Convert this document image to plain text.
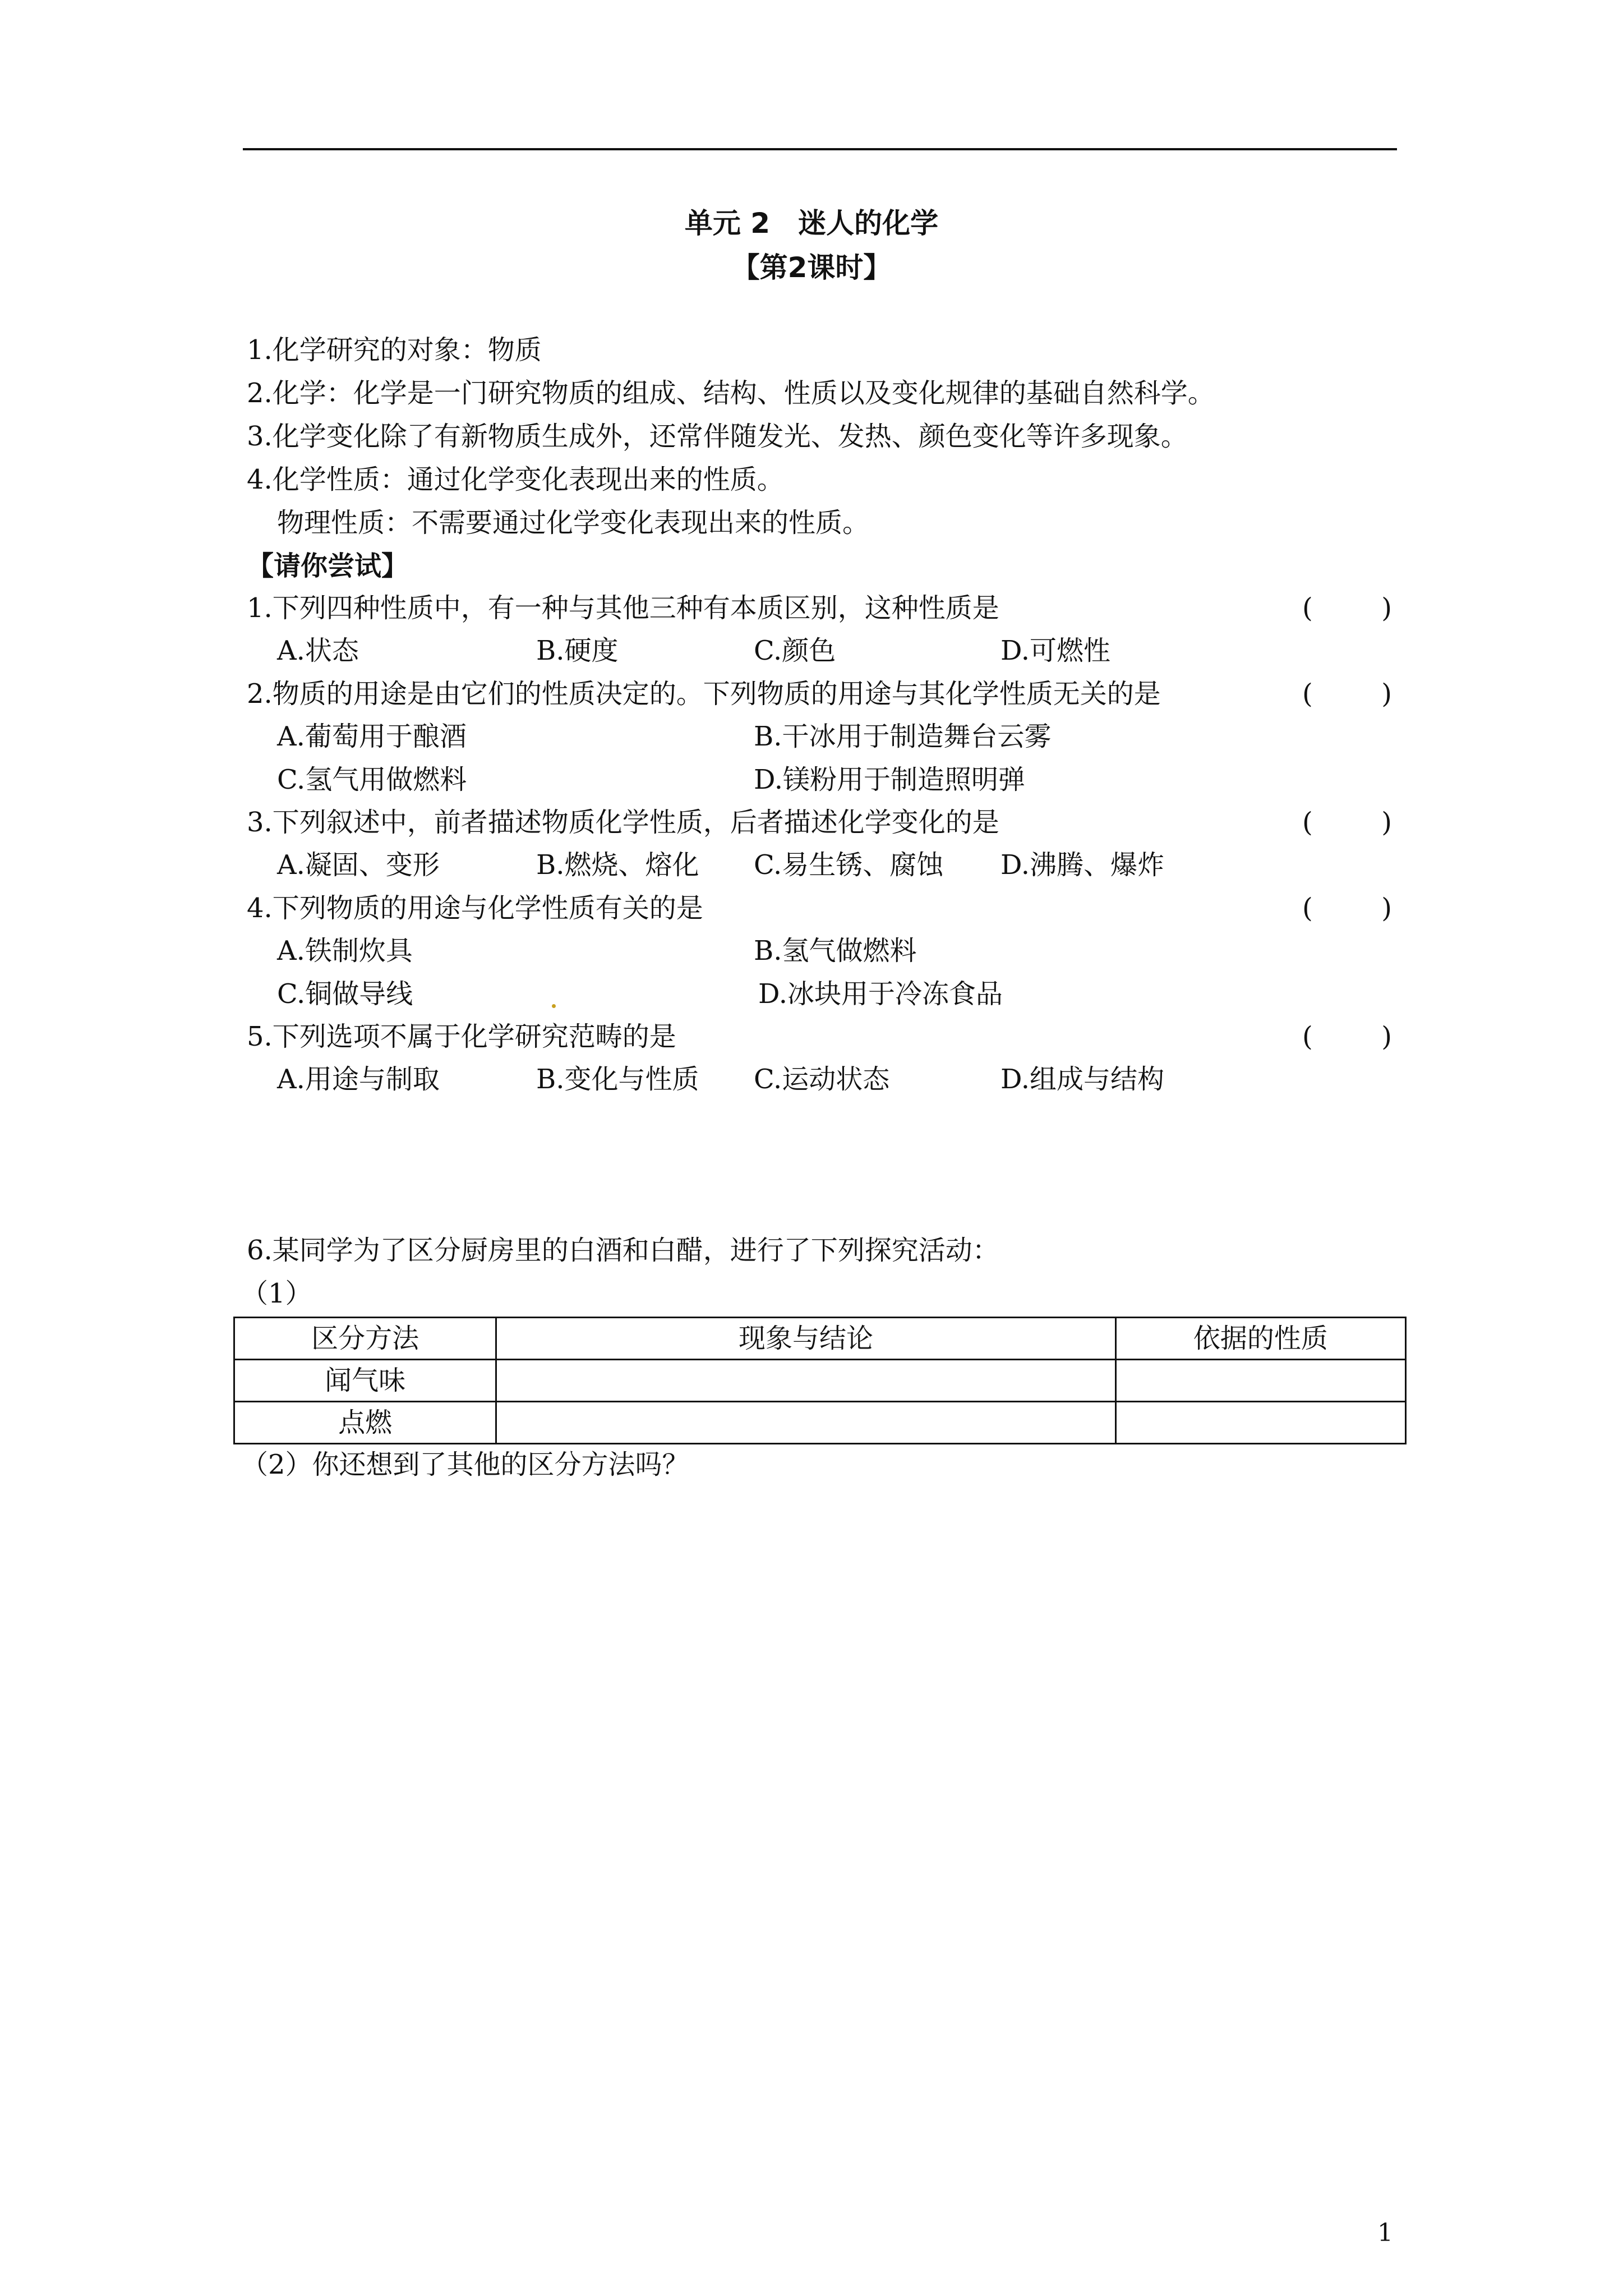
单元 2　迷人的化学
【第2课时】
1.化学研究的对象：物质
2.化学：化学是一门研究物质的组成、结构、性质以及变化规律的基础自然科学。
3.化学变化除了有新物质生成外，还常伴随发光、发热、颜色变化等许多现象。
4.化学性质：通过化学变化表现出来的性质。
物理性质：不需要通过化学变化表现出来的性质。
【请你尝试】
1.下列四种性质中，有一种与其他三种有本质区别，这种性质是	(	)
A.状态	B.硬度	C.颜色	D.可燃性
2.物质的用途是由它们的性质决定的。下列物质的用途与其化学性质无关的是	(	)
A.葡萄用于酿酒	B.干冰用于制造舞台云雾
C.氢气用做燃料	D.镁粉用于制造照明弹
3.下列叙述中，前者描述物质化学性质，后者描述化学变化的是	(	)
A.凝固、变形	B.燃烧、熔化 C.易生锈、腐蚀 D.沸腾、爆炸
4.下列物质的用途与化学性质有关的是	(	)
A.铁制炊具	B.氢气做燃料
C.铜做导线	D.冰块用于冷冻食品
5.下列选项不属于化学研究范畴的是	(	)
A.用途与制取	B.变化与性质 C.运动状态	D.组成与结构
6.某同学为了区分厨房里的白酒和白醋，进行了下列探究活动：
（1）
区分方法	现象与结论	依据的性质
闻气味		
点燃		
（2）你还想到了其他的区分方法吗？
1
